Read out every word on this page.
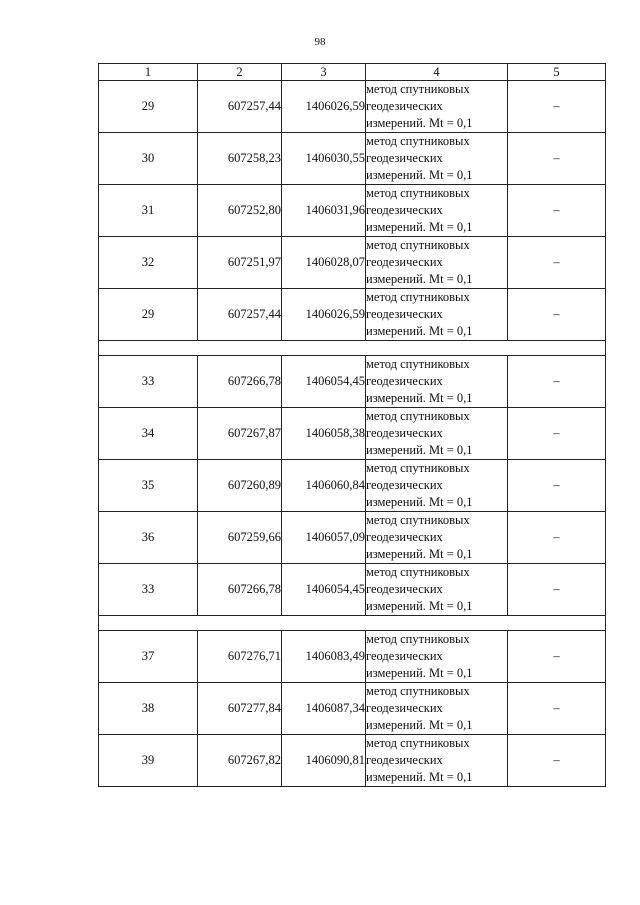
98
1	2	3	4	5
29	607257,44	1406026,59	метод спутниковых
геодезических
измерений. Mt = 0,1	–
30	607258,23	1406030,55	метод спутниковых
геодезических
измерений. Mt = 0,1	–
31	607252,80	1406031,96	метод спутниковых
геодезических
измерений. Mt = 0,1	–
32	607251,97	1406028,07	метод спутниковых
геодезических
измерений. Mt = 0,1	–
29	607257,44	1406026,59	метод спутниковых
геодезических
измерений. Mt = 0,1	–

33	607266,78	1406054,45	метод спутниковых
геодезических
измерений. Mt = 0,1	–
34	607267,87	1406058,38	метод спутниковых
геодезических
измерений. Mt = 0,1	–
35	607260,89	1406060,84	метод спутниковых
геодезических
измерений. Mt = 0,1	–
36	607259,66	1406057,09	метод спутниковых
геодезических
измерений. Mt = 0,1	–
33	607266,78	1406054,45	метод спутниковых
геодезических
измерений. Mt = 0,1	–

37	607276,71	1406083,49	метод спутниковых
геодезических
измерений. Mt = 0,1	–
38	607277,84	1406087,34	метод спутниковых
геодезических
измерений. Mt = 0,1	–
39	607267,82	1406090,81	метод спутниковых
геодезических
измерений. Mt = 0,1	–
